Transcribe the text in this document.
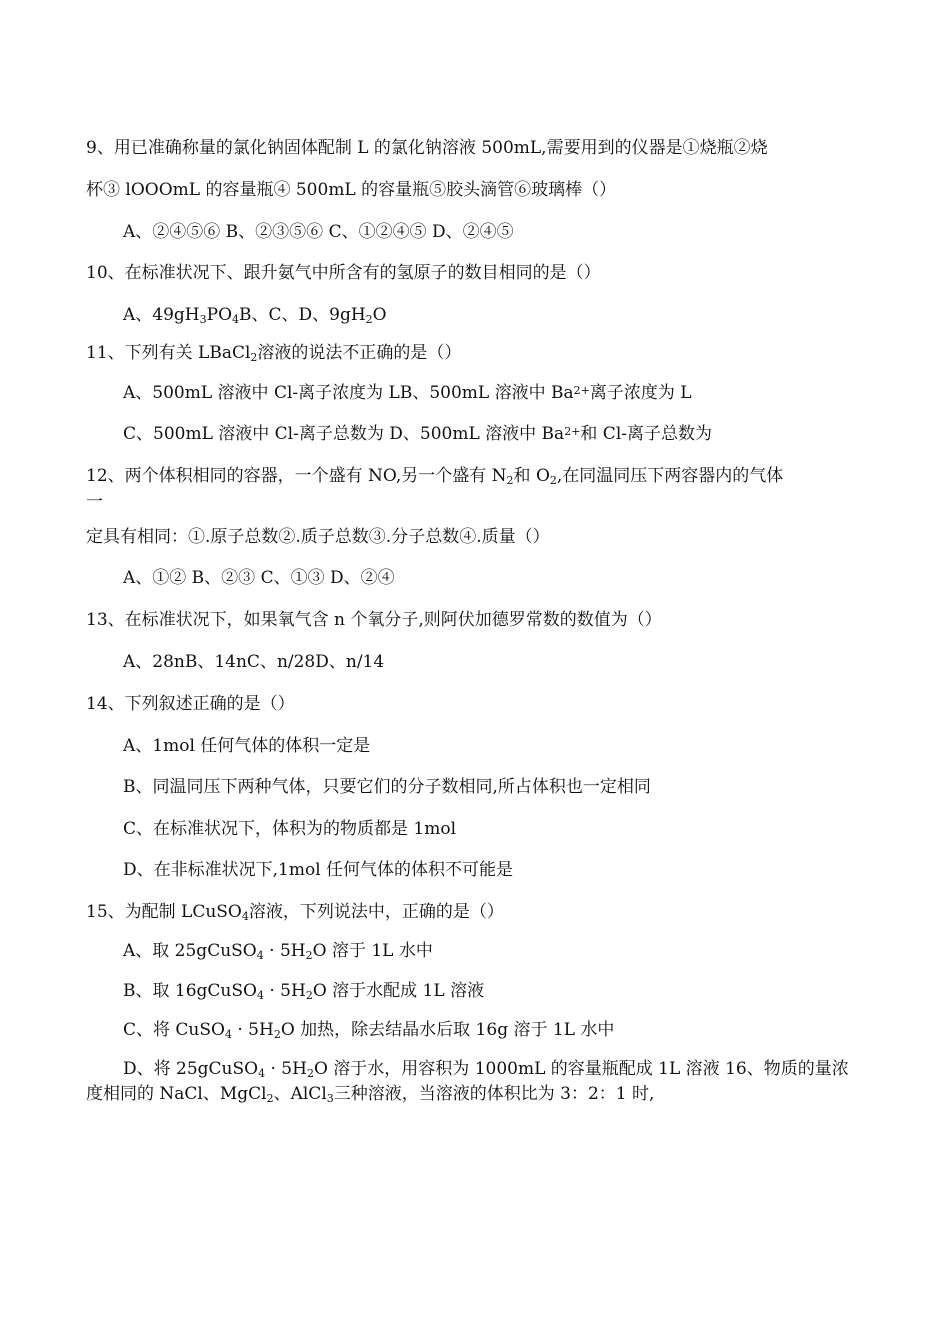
9、用已准确称量的氯化钠固体配制 L 的氯化钠溶液 500mL,需要用到的仪器是①烧瓶②烧
杯③ lOOOmL 的容量瓶④ 500mL 的容量瓶⑤胶头滴管⑥玻璃棒（）
A、②④⑤⑥ B、②③⑤⑥ C、①②④⑤ D、②④⑤
10、在标准状况下、跟升氨气中所含有的氢原子的数目相同的是（）
A、$49gH_3PO_4B$、C、D、$9gH_2O$
11、下列有关 LBaCl$_2$溶液的说法不正确的是（）
A、500mL 溶液中 Cl-离子浓度为 LB、500mL 溶液中 $Ba^{2+}$离子浓度为 L
C、500mL 溶液中 Cl-离子总数为 D、500mL 溶液中 $Ba^{2+}$和 Cl-离子总数为
12、两个体积相同的容器，一个盛有 NO,另一个盛有 $N_2$和 $O_2$,在同温同压下两容器内的气体
一
定具有相同：①.原子总数②.质子总数③.分子总数④.质量（）
A、①② B、②③ C、①③ D、②④
13、在标准状况下，如果氧气含 n 个氧分子,则阿伏加德罗常数的数值为（）
A、28nB、14nC、n/28D、n/14
14、下列叙述正确的是（）
A、1mol 任何气体的体积一定是
B、同温同压下两种气体，只要它们的分子数相同,所占体积也一定相同
C、在标准状况下，体积为的物质都是 1mol
D、在非标准状况下,1mol 任何气体的体积不可能是
15、为配制 LCuSO$_4$溶液，下列说法中，正确的是（）
A、取 25gCuSO$_4$ · $5H_2O$ 溶于 1L 水中
B、取 16gCuSO$_4$ · $5H_2O$ 溶于水配成 1L 溶液
C、将 CuSO$_4$ · $5H_2O$ 加热，除去结晶水后取 16g 溶于 1L 水中
D、将 25gCuSO$_4$ · $5H_2O$ 溶于水，用容积为 1000mL 的容量瓶配成 1L 溶液 16、物质的量浓
度相同的 NaCl、MgCl$_2$、AlCl$_3$三种溶液，当溶液的体积比为 3：2：1 时,
